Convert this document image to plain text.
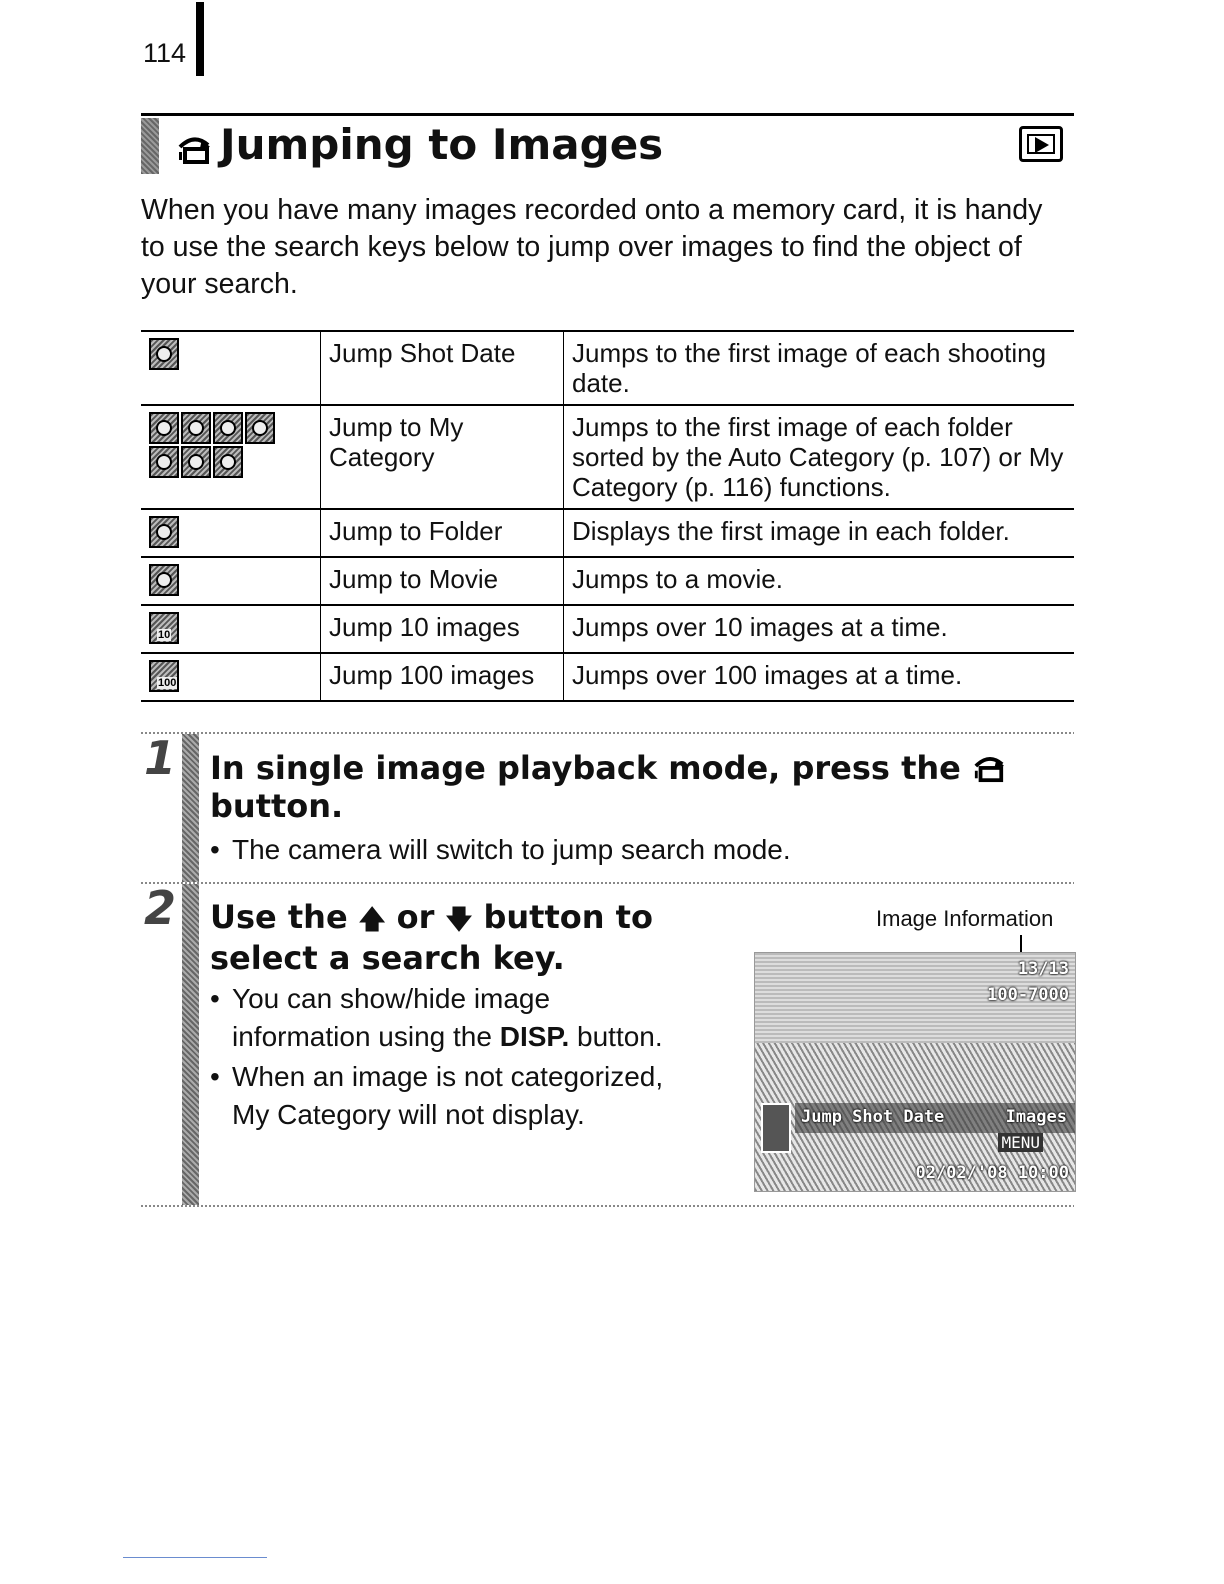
114
Jumping to Images
When you have many images recorded onto a memory card, it is handy to use the search keys below to jump over images to find the object of your search.
	Jump Shot Date	Jumps to the first image of each shooting date.

	Jump to My Category	Jumps to the first image of each folder sorted by the Auto Category (p. 107) or My Category (p. 116) functions.

	Jump to Folder	Displays the first image in each folder.

	Jump to Movie	Jumps to a movie.

10	Jump 10 images	Jumps over 10 images at a time.

100	Jump 100 images	Jumps over 100 images at a time.
1 In single image playback mode, press the
button.
• The camera will switch to jump search mode.
2 Use the 🡅 or 🡇 button to
select a search key.
• You can show/hide image
information using the DISP. button.
• When an image is not categorized,
My Category will not display.
Image Information
13/13
100-7000
Jump Shot Date	Images
MENU
02/02/'08 10:00
